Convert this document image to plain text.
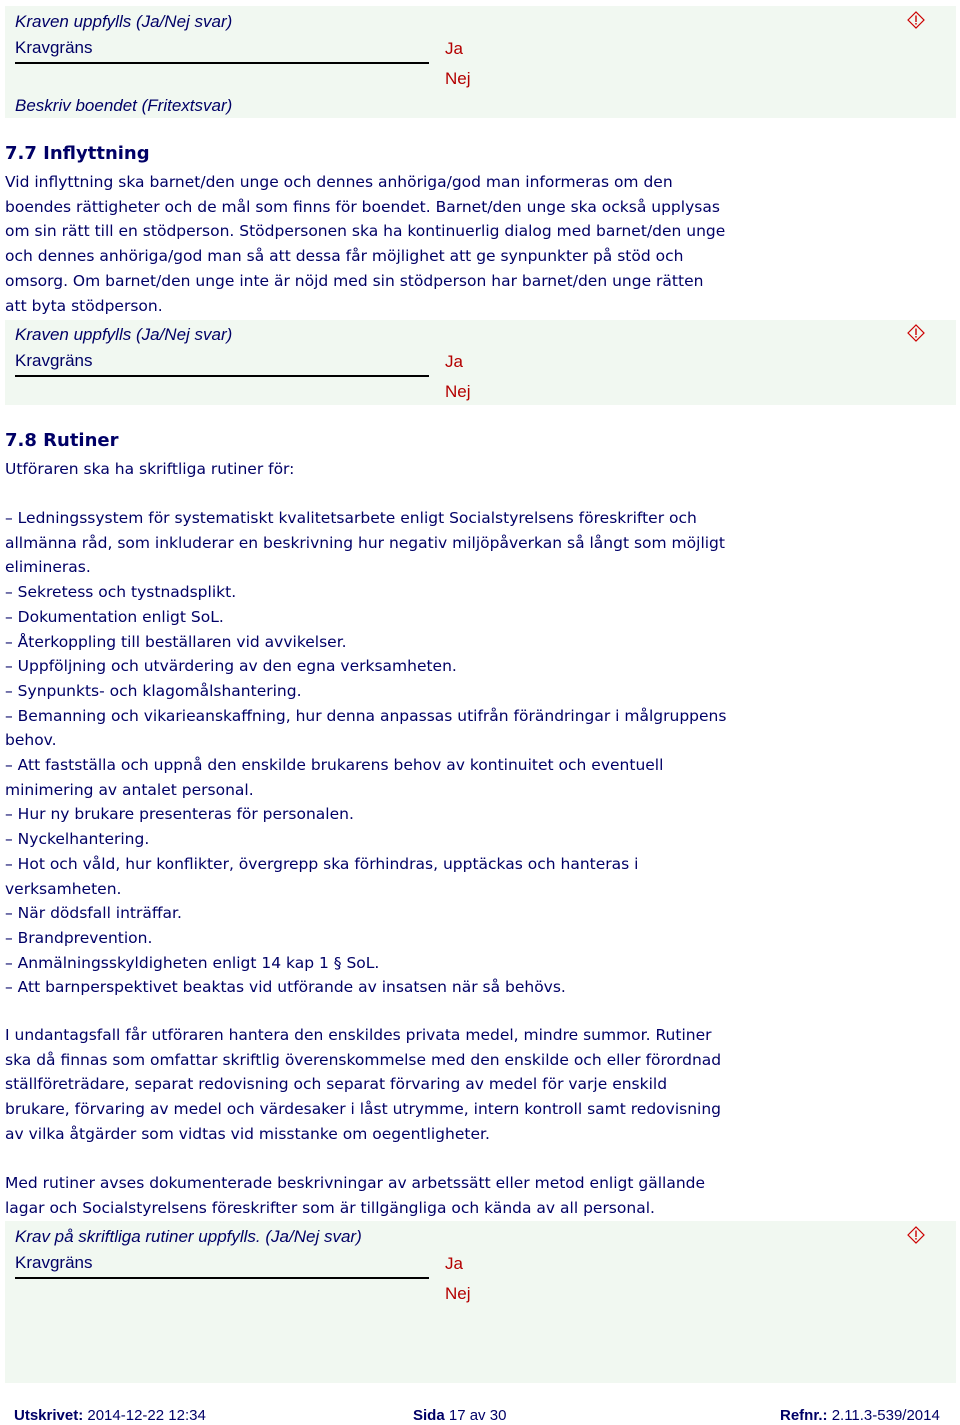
Kraven uppfylls (Ja/Nej svar)
Kravgräns	Ja
Nej
Beskriv boendet (Fritextsvar)
7.7 Inflyttning
Vid inflyttning ska barnet/den unge och dennes anhöriga/god man informeras om den
boendes rättigheter och de mål som finns för boendet. Barnet/den unge ska också upplysas
om sin rätt till en stödperson. Stödpersonen ska ha kontinuerlig dialog med barnet/den unge
och dennes anhöriga/god man så att dessa får möjlighet att ge synpunkter på stöd och
omsorg. Om barnet/den unge inte är nöjd med sin stödperson har barnet/den unge rätten
att byta stödperson.
Kraven uppfylls (Ja/Nej svar)
Kravgräns	Ja
Nej
7.8 Rutiner
Utföraren ska ha skriftliga rutiner för:
– Ledningssystem för systematiskt kvalitetsarbete enligt Socialstyrelsens föreskrifter och
allmänna råd, som inkluderar en beskrivning hur negativ miljöpåverkan så långt som möjligt
elimineras.
– Sekretess och tystnadsplikt.
– Dokumentation enligt SoL.
– Återkoppling till beställaren vid avvikelser.
– Uppföljning och utvärdering av den egna verksamheten.
– Synpunkts- och klagomålshantering.
– Bemanning och vikarieanskaffning, hur denna anpassas utifrån förändringar i målgruppens
behov.
– Att fastställa och uppnå den enskilde brukarens behov av kontinuitet och eventuell
minimering av antalet personal.
– Hur ny brukare presenteras för personalen.
– Nyckelhantering.
– Hot och våld, hur konflikter, övergrepp ska förhindras, upptäckas och hanteras i
verksamheten.
– När dödsfall inträffar.
– Brandprevention.
– Anmälningsskyldigheten enligt 14 kap 1 § SoL.
– Att barnperspektivet beaktas vid utförande av insatsen när så behövs.
I undantagsfall får utföraren hantera den enskildes privata medel, mindre summor. Rutiner
ska då finnas som omfattar skriftlig överenskommelse med den enskilde och eller förordnad
ställföreträdare, separat redovisning och separat förvaring av medel för varje enskild
brukare, förvaring av medel och värdesaker i låst utrymme, intern kontroll samt redovisning
av vilka åtgärder som vidtas vid misstanke om oegentligheter.
Med rutiner avses dokumenterade beskrivningar av arbetssätt eller metod enligt gällande
lagar och Socialstyrelsens föreskrifter som är tillgängliga och kända av all personal.
Krav på skriftliga rutiner uppfylls. (Ja/Nej svar)
Kravgräns	Ja
Nej
Utskrivet: 2014-12-22 12:34	Sida 17 av 30	Refnr.: 2.11.3-539/2014
